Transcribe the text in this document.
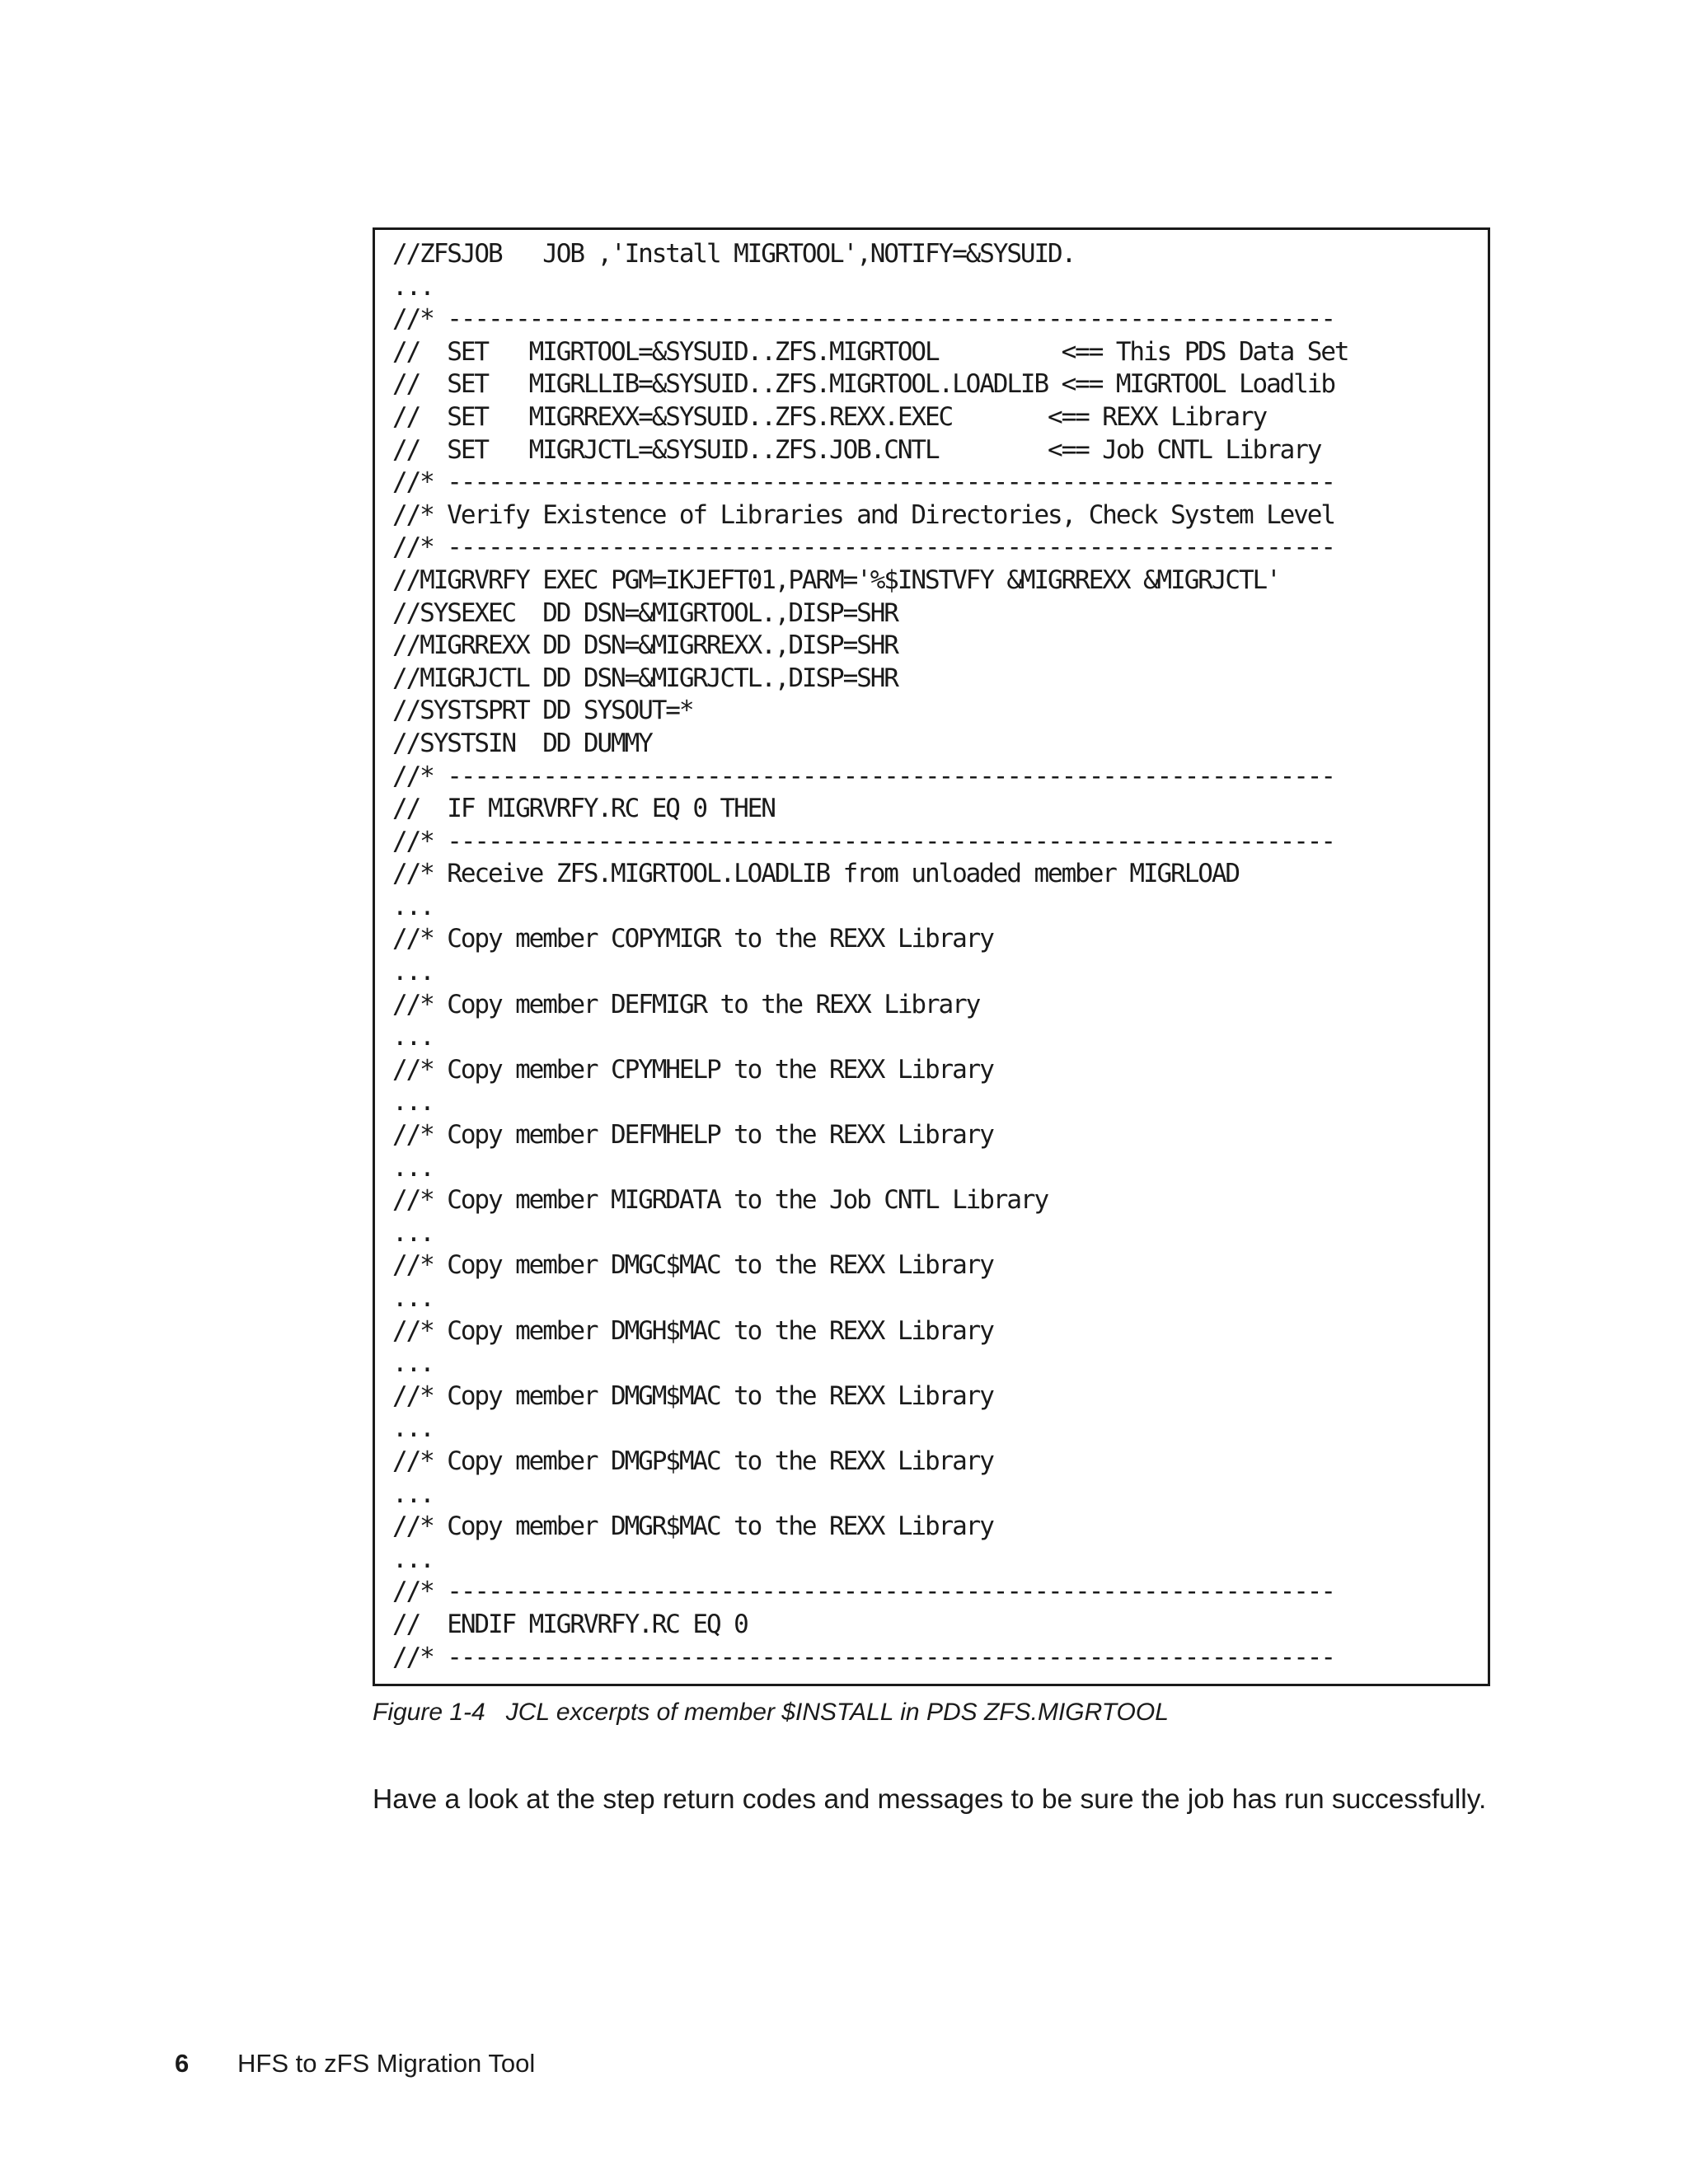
//ZFSJOB   JOB ,'Install MIGRTOOL',NOTIFY=&SYSUID.
...
//* -----------------------------------------------------------------
//  SET   MIGRTOOL=&SYSUID..ZFS.MIGRTOOL         <== This PDS Data Set
//  SET   MIGRLLIB=&SYSUID..ZFS.MIGRTOOL.LOADLIB <== MIGRTOOL Loadlib
//  SET   MIGRREXX=&SYSUID..ZFS.REXX.EXEC       <== REXX Library
//  SET   MIGRJCTL=&SYSUID..ZFS.JOB.CNTL        <== Job CNTL Library
//* -----------------------------------------------------------------
//* Verify Existence of Libraries and Directories, Check System Level
//* -----------------------------------------------------------------
//MIGRVRFY EXEC PGM=IKJEFT01,PARM='%$INSTVFY &MIGRREXX &MIGRJCTL'
//SYSEXEC  DD DSN=&MIGRTOOL.,DISP=SHR
//MIGRREXX DD DSN=&MIGRREXX.,DISP=SHR
//MIGRJCTL DD DSN=&MIGRJCTL.,DISP=SHR
//SYSTSPRT DD SYSOUT=*
//SYSTSIN  DD DUMMY
//* -----------------------------------------------------------------
//  IF MIGRVRFY.RC EQ 0 THEN
//* -----------------------------------------------------------------
//* Receive ZFS.MIGRTOOL.LOADLIB from unloaded member MIGRLOAD
...
//* Copy member COPYMIGR to the REXX Library
...
//* Copy member DEFMIGR to the REXX Library
...
//* Copy member CPYMHELP to the REXX Library
...
//* Copy member DEFMHELP to the REXX Library
...
//* Copy member MIGRDATA to the Job CNTL Library
...
//* Copy member DMGC$MAC to the REXX Library
...
//* Copy member DMGH$MAC to the REXX Library
...
//* Copy member DMGM$MAC to the REXX Library
...
//* Copy member DMGP$MAC to the REXX Library
...
//* Copy member DMGR$MAC to the REXX Library
...
//* -----------------------------------------------------------------
//  ENDIF MIGRVRFY.RC EQ 0
//* -----------------------------------------------------------------
Figure 1-4   JCL excerpts of member $INSTALL in PDS ZFS.MIGRTOOL

Have a look at the step return codes and messages to be sure the job has run successfully.

6 HFS to zFS Migration Tool
